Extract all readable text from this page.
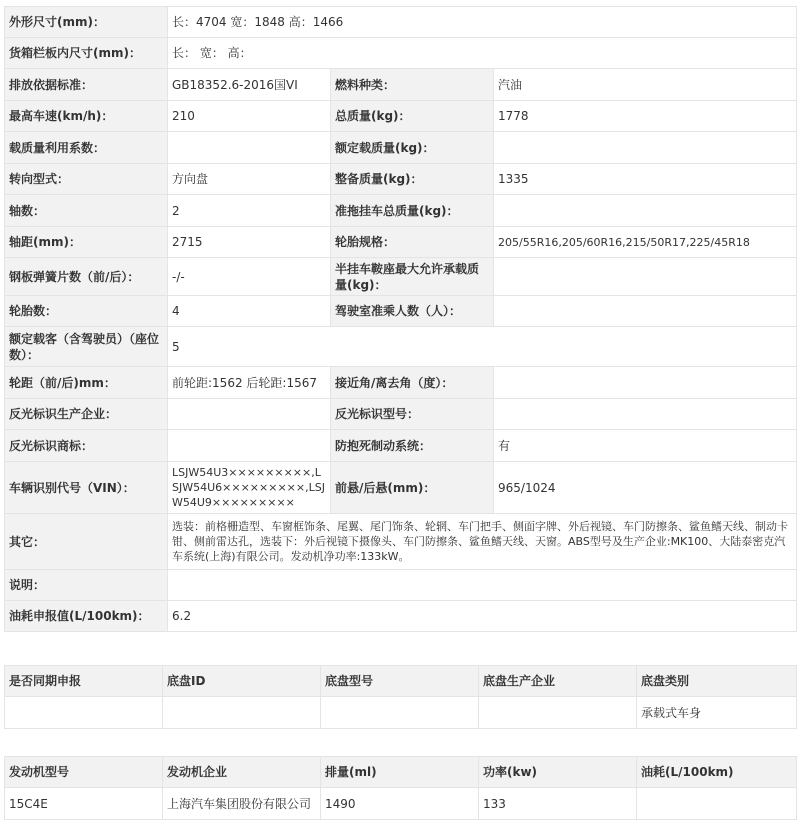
外形尺寸(mm)：	长：4704 宽：1848 高：1466		
货箱栏板内尺寸(mm)：	长： 宽： 高：		
排放依据标准：	GB18352.6-2016国VI	燃料种类：	汽油
最高车速(km/h)：	210	总质量(kg)：	1778
载质量利用系数：		额定载质量(kg)：	
转向型式：	方向盘	整备质量(kg)：	1335
轴数：	2	准拖挂车总质量(kg)：	
轴距(mm)：	2715	轮胎规格：	205/55R16,205/60R16,215/50R17,225/45R18
钢板弹簧片数（前/后）：	-/-	半挂车鞍座最大允许承载质量(kg)：	
轮胎数：	4	驾驶室准乘人数（人）：	
额定载客（含驾驶员）（座位数）：	5		
轮距（前/后)mm：	前轮距:1562 后轮距:1567	接近角/离去角（度）：	
反光标识生产企业：		反光标识型号：	
反光标识商标：		防抱死制动系统：	有
车辆识别代号（VIN）：	LSJW54U3×××××××××,LSJW54U6×××××××××,LSJW54U9×××××××××	前悬/后悬(mm)：	965/1024
其它：	选装：前格栅造型、车窗框饰条、尾翼、尾门饰条、轮辋、车门把手、侧面字牌、外后视镜、车门防擦条、鲨鱼鳍天线、制动卡钳、侧前雷达孔，选装下：外后视镜下摄像头、车门防擦条、鲨鱼鳍天线、天窗。ABS型号及生产企业:MK100、大陆泰密克汽车系统(上海)有限公司。发动机净功率:133kW。		
说明：			
油耗申报值(L/100km)：	6.2		
是否同期申报	底盘ID	底盘型号	底盘生产企业	底盘类别
				承载式车身
发动机型号	发动机企业	排量(ml)	功率(kw)	油耗(L/100km)
15C4E	上海汽车集团股份有限公司	1490	133	
